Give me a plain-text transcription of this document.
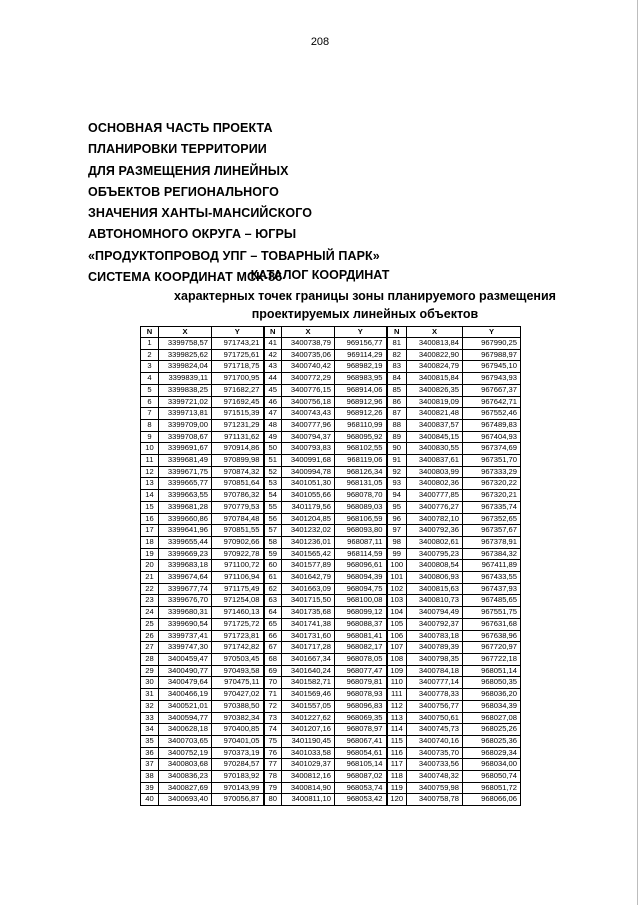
208
ОСНОВНАЯ ЧАСТЬ ПРОЕКТА
ПЛАНИРОВКИ ТЕРРИТОРИИ
ДЛЯ РАЗМЕЩЕНИЯ ЛИНЕЙНЫХ
ОБЪЕКТОВ РЕГИОНАЛЬНОГО
ЗНАЧЕНИЯ ХАНТЫ-МАНСИЙСКОГО
АВТОНОМНОГО ОКРУГА – ЮГРЫ
«ПРОДУКТОПРОВОД УПГ – ТОВАРНЫЙ ПАРК»
СИСТЕМА КООРДИНАТ МСК-86
КАТАЛОГ КООРДИНАТ
характерных точек границы зоны планируемого размещения
проектируемых линейных объектов
N	X	Y	N	X	Y	N	X	Y
1	3399758,57	971743,21	41	3400738,79	969156,77	81	3400813,84	967990,25
2	3399825,62	971725,61	42	3400735,06	969114,29	82	3400822,90	967988,97
3	3399824,04	971718,75	43	3400740,42	968982,19	83	3400824,79	967945,10
4	3399839,11	971700,95	44	3400772,29	968983,95	84	3400815,84	967943,93
5	3399838,25	971682,27	45	3400776,15	968914,06	85	3400826,35	967667,37
6	3399721,02	971692,45	46	3400756,18	968912,96	86	3400819,09	967642,71
7	3399713,81	971515,39	47	3400743,43	968912,26	87	3400821,48	967552,46
8	3399709,00	971231,29	48	3400777,96	968110,99	88	3400837,57	967489,83
9	3399708,67	971131,62	49	3400794,37	968095,92	89	3400845,15	967404,93
10	3399691,67	970914,86	50	3400793,83	968102,55	90	3400830,55	967374,69
11	3399681,49	970899,98	51	3400991,68	968119,06	91	3400837,61	967351,70
12	3399671,75	970874,32	52	3400994,78	968126,34	92	3400803,99	967333,29
13	3399665,77	970851,64	53	3401051,30	968131,05	93	3400802,36	967320,22
14	3399663,55	970786,32	54	3401055,66	968078,70	94	3400777,85	967320,21
15	3399681,28	970779,53	55	3401179,56	968089,03	95	3400776,27	967335,74
16	3399660,86	970784,48	56	3401204,85	968106,59	96	3400782,10	967352,65
17	3399641,96	970851,55	57	3401232,02	968093,80	97	3400792,36	967357,67
18	3399655,44	970902,66	58	3401236,01	968087,11	98	3400802,61	967378,91
19	3399669,23	970922,78	59	3401565,42	968114,59	99	3400795,23	967384,32
20	3399683,18	971100,72	60	3401577,89	968096,61	100	3400808,54	967411,89
21	3399674,64	971106,94	61	3401642,79	968094,39	101	3400806,93	967433,55
22	3399677,74	971175,49	62	3401663,09	968094,75	102	3400815,63	967437,93
23	3399676,70	971254,08	63	3401715,50	968100,08	103	3400810,73	967485,65
24	3399680,31	971460,13	64	3401735,68	968099,12	104	3400794,49	967551,75
25	3399690,54	971725,72	65	3401741,38	968088,37	105	3400792,37	967631,68
26	3399737,41	971723,81	66	3401731,60	968081,41	106	3400783,18	967638,96
27	3399747,30	971742,82	67	3401717,28	968082,17	107	3400789,39	967720,97
28	3400459,47	970503,45	68	3401667,34	968078,05	108	3400798,35	967722,18
29	3400490,77	970493,58	69	3401640,24	968077,47	109	3400784,18	968051,14
30	3400479,64	970475,11	70	3401582,71	968079,81	110	3400777,14	968050,35
31	3400466,19	970427,02	71	3401569,46	968078,93	111	3400778,33	968036,20
32	3400521,01	970388,50	72	3401557,05	968096,83	112	3400756,77	968034,39
33	3400594,77	970382,34	73	3401227,62	968069,35	113	3400750,61	968027,08
34	3400628,18	970400,85	74	3401207,16	968078,97	114	3400745,73	968025,26
35	3400703,65	970401,05	75	3401190,45	968067,41	115	3400740,16	968025,36
36	3400752,19	970373,19	76	3401033,58	968054,61	116	3400735,70	968029,34
37	3400803,68	970284,57	77	3401029,37	968105,14	117	3400733,56	968034,00
38	3400836,23	970183,92	78	3400812,16	968087,02	118	3400748,32	968050,74
39	3400827,69	970143,99	79	3400814,90	968053,74	119	3400759,98	968051,72
40	3400693,40	970056,87	80	3400811,10	968053,42	120	3400758,78	968066,06
